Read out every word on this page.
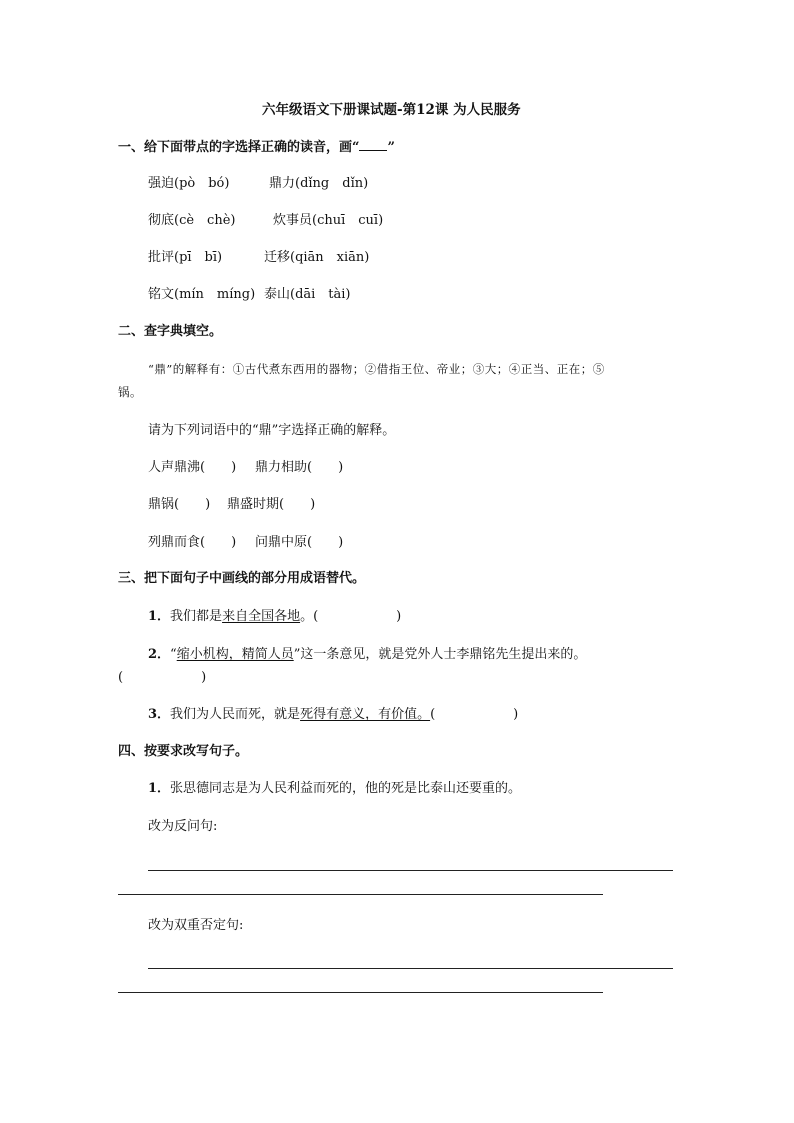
六年级语文下册课试题-第12课 为人民服务
一、给下面带点的字选择正确的读音，画“ ”
强迫(pò　bó)	鼎力(dǐng　dǐn)
彻底(cè　chè)	炊事员(chuī　cuī)
批评(pī　bī)	迁移(qiān　xiān)
铭文(mín　míng) 泰山(dāi　tài)
二、查字典填空。
“鼎”的解释有：①古代煮东西用的器物；②借指王位、帝业；③大；④正当、正在；⑤
锅。
请为下列词语中的“鼎”字选择正确的解释。
人声鼎沸(　　) 鼎力相助(　　)
鼎锅(　　) 鼎盛时期(　　)
列鼎而食(　　) 问鼎中原(　　)
三、把下面句子中画线的部分用成语替代。
1．我们都是来自全国各地。(　　　　　　)
2．“缩小机构，精简人员”这一条意见，就是党外人士李鼎铭先生提出来的。
(　　　　　　)
3．我们为人民而死，就是死得有意义，有价值。(　　　　　　)
四、按要求改写句子。
1．张思德同志是为人民利益而死的，他的死是比泰山还要重的。
改为反问句:
改为双重否定句:
